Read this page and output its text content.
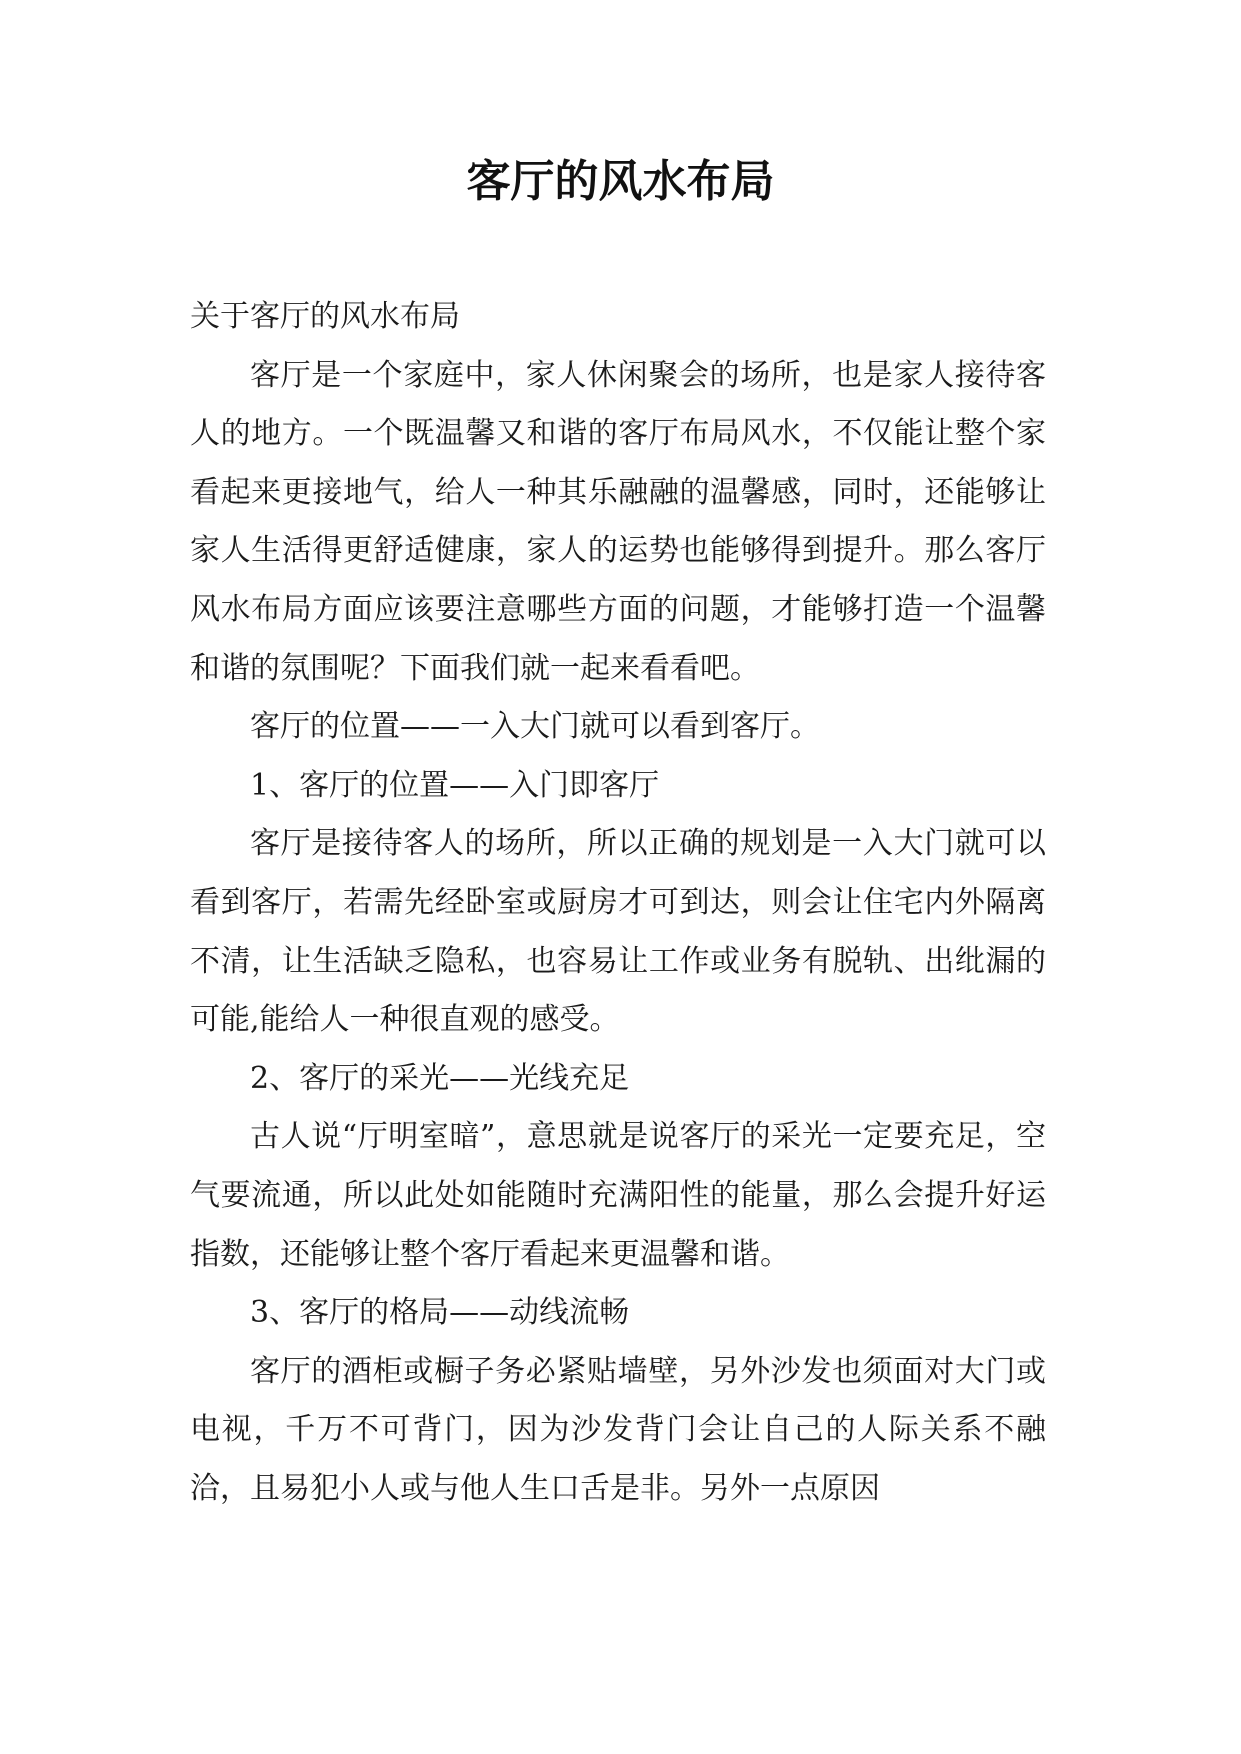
客厅的风水布局

关于客厅的风水布局

客厅是一个家庭中，家人休闲聚会的场所，也是家人接待客人的地方。一个既温馨又和谐的客厅布局风水，不仅能让整个家看起来更接地气，给人一种其乐融融的温馨感，同时，还能够让家人生活得更舒适健康，家人的运势也能够得到提升。那么客厅风水布局方面应该要注意哪些方面的问题，才能够打造一个温馨和谐的氛围呢？下面我们就一起来看看吧。

客厅的位置——一入大门就可以看到客厅。

1、客厅的位置——入门即客厅

客厅是接待客人的场所，所以正确的规划是一入大门就可以看到客厅，若需先经卧室或厨房才可到达，则会让住宅内外隔离不清，让生活缺乏隐私，也容易让工作或业务有脱轨、出纰漏的可能,能给人一种很直观的感受。

2、客厅的采光——光线充足

古人说“厅明室暗”，意思就是说客厅的采光一定要充足，空气要流通，所以此处如能随时充满阳性的能量，那么会提升好运指数，还能够让整个客厅看起来更温馨和谐。

3、客厅的格局——动线流畅

客厅的酒柜或橱子务必紧贴墙壁，另外沙发也须面对大门或电视，千万不可背门，因为沙发背门会让自己的人际关系不融洽，且易犯小人或与他人生口舌是非。另外一点原因
